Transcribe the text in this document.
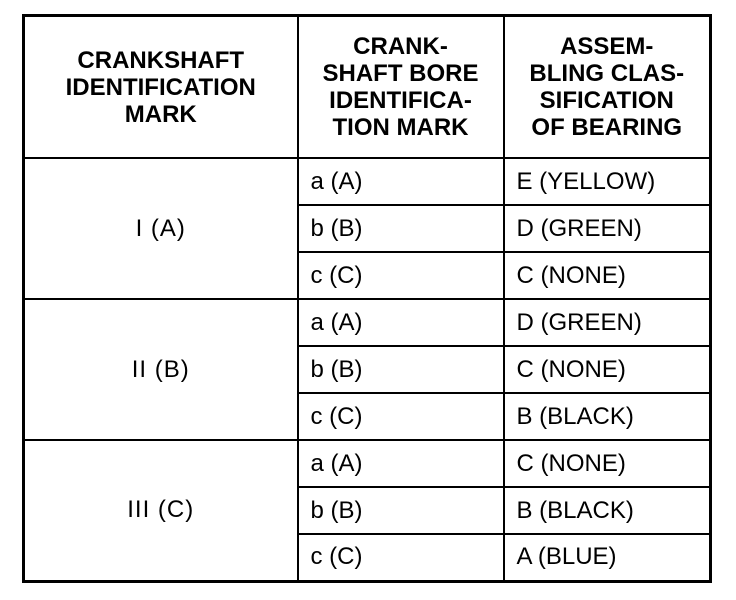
CRANKSHAFT
IDENTIFICATION
MARK	CRANK-
SHAFT BORE
IDENTIFICA-
TION MARK	ASSEM-
BLING CLAS-
SIFICATION
OF BEARING
I (A)	a (A)	E (YELLOW)
	b (B)	D (GREEN)
	c (C)	C (NONE)
II (B)	a (A)	D (GREEN)
	b (B)	C (NONE)
	c (C)	B (BLACK)
III (C)	a (A)	C (NONE)
	b (B)	B (BLACK)
	c (C)	A (BLUE)
